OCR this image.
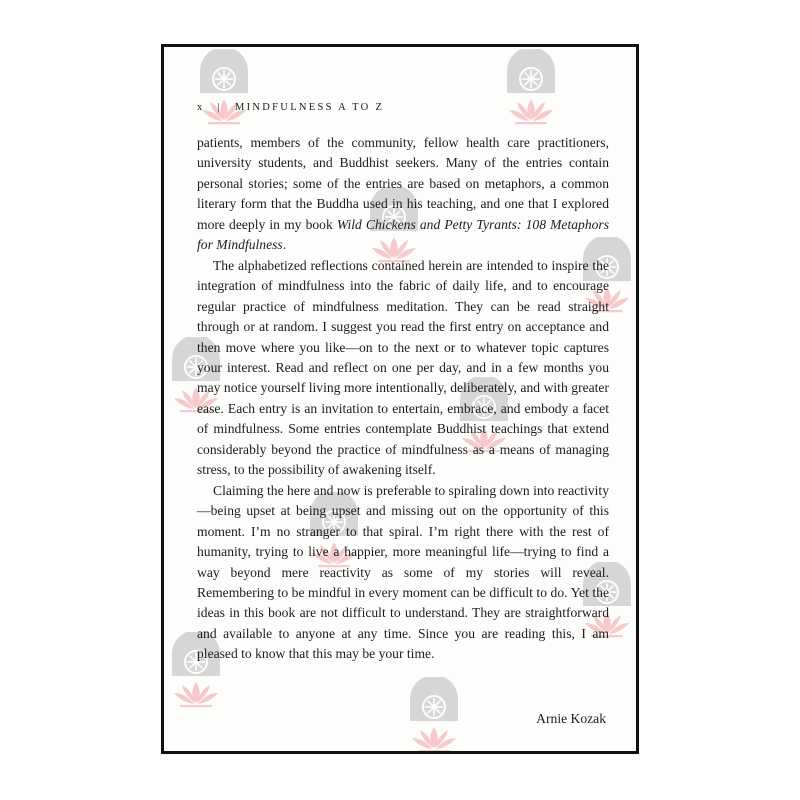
x | MINDFULNESS A TO Z

patients, members of the community, fellow health care practitioners, university students, and Buddhist seekers. Many of the entries contain personal stories; some of the entries are based on metaphors, a common literary form that the Buddha used in his teaching, and one that I explored more deeply in my book Wild Chickens and Petty Tyrants: 108 Metaphors for Mindfulness.

The alphabetized reflections contained herein are intended to inspire the integration of mindfulness into the fabric of daily life, and to encourage regular practice of mindfulness meditation. They can be read straight through or at random. I suggest you read the first entry on acceptance and then move where you like—on to the next or to whatever topic captures your interest. Read and reflect on one per day, and in a few months you may notice yourself living more intentionally, deliberately, and with greater ease. Each entry is an invitation to entertain, embrace, and embody a facet of mindfulness. Some entries contemplate Buddhist teachings that extend considerably beyond the practice of mindfulness as a means of managing stress, to the possibility of awakening itself.

Claiming the here and now is preferable to spiraling down into reactivity—being upset at being upset and missing out on the opportunity of this moment. I’m no stranger to that spiral. I’m right there with the rest of humanity, trying to live a happier, more meaningful life—trying to find a way beyond mere reactivity as some of my stories will reveal. Remembering to be mindful in every moment can be difficult to do. Yet the ideas in this book are not difficult to understand. They are straightforward and available to anyone at any time. Since you are reading this, I am pleased to know that this may be your time.

Arnie Kozak
